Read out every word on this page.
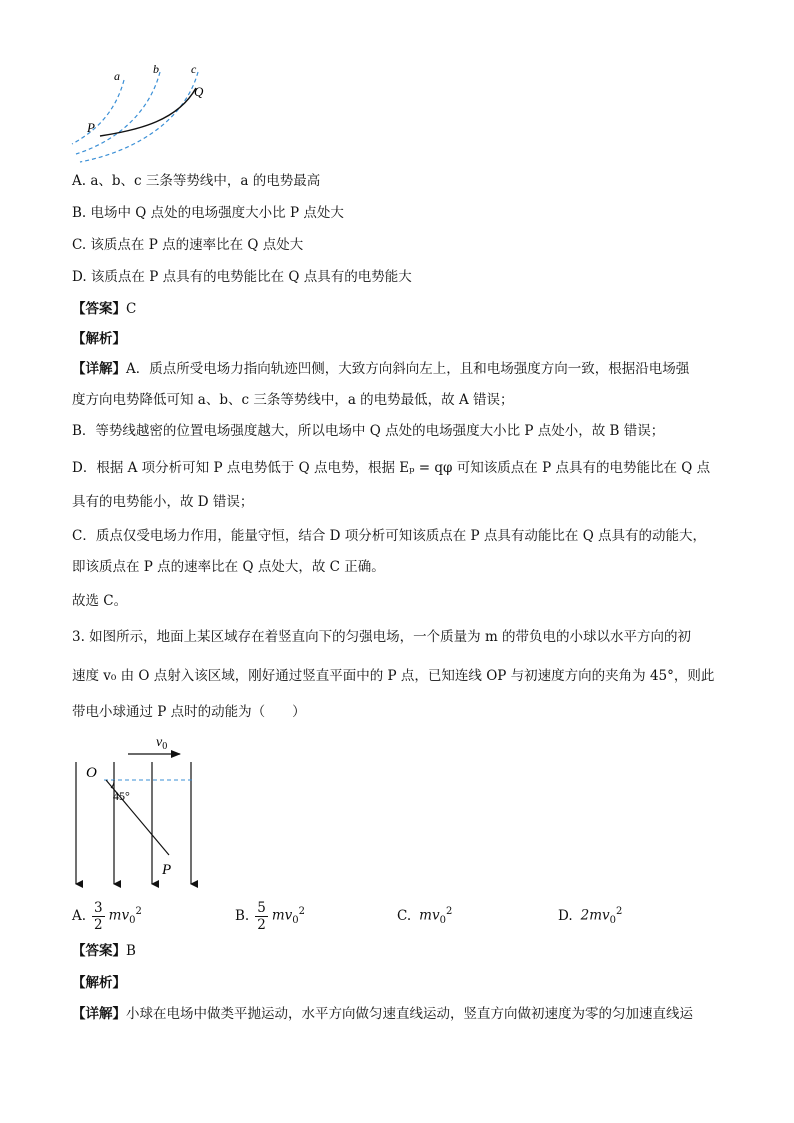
a	b	c
Q
P
A. a、b、c 三条等势线中，a 的电势最高
B. 电场中 Q 点处的电场强度大小比 P 点处大
C. 该质点在 P 点的速率比在 Q 点处大
D. 该质点在 P 点具有的电势能比在 Q 点具有的电势能大
【答案】C
【解析】
【详解】A．质点所受电场力指向轨迹凹侧，大致方向斜向左上，且和电场强度方向一致，根据沿电场强
度方向电势降低可知 a、b、c 三条等势线中，a 的电势最低，故 A 错误；
B．等势线越密的位置电场强度越大，所以电场中 Q 点处的电场强度大小比 P 点处小，故 B 错误；
D．根据 A 项分析可知 P 点电势低于 Q 点电势，根据 Eₚ = qφ 可知该质点在 P 点具有的电势能比在 Q 点
具有的电势能小，故 D 错误；
C．质点仅受电场力作用，能量守恒，结合 D 项分析可知该质点在 P 点具有动能比在 Q 点具有的动能大，
即该质点在 P 点的速率比在 Q 点处大，故 C 正确。
故选 C。
3. 如图所示，地面上某区域存在着竖直向下的匀强电场，一个质量为 m 的带负电的小球以水平方向的初
速度 v₀ 由 O 点射入该区域，刚好通过竖直平面中的 P 点，已知连线 OP 与初速度方向的夹角为 45°，则此
带电小球通过 P 点时的动能为（　　）
$v_0$
O
45°
P
A. $\frac{3}{2} mv_0^2$	B. $\frac{5}{2} mv_0^2$	C. $mv_0^2$	D. $2mv_0^2$
【答案】B
【解析】
【详解】小球在电场中做类平抛运动，水平方向做匀速直线运动，竖直方向做初速度为零的匀加速直线运
